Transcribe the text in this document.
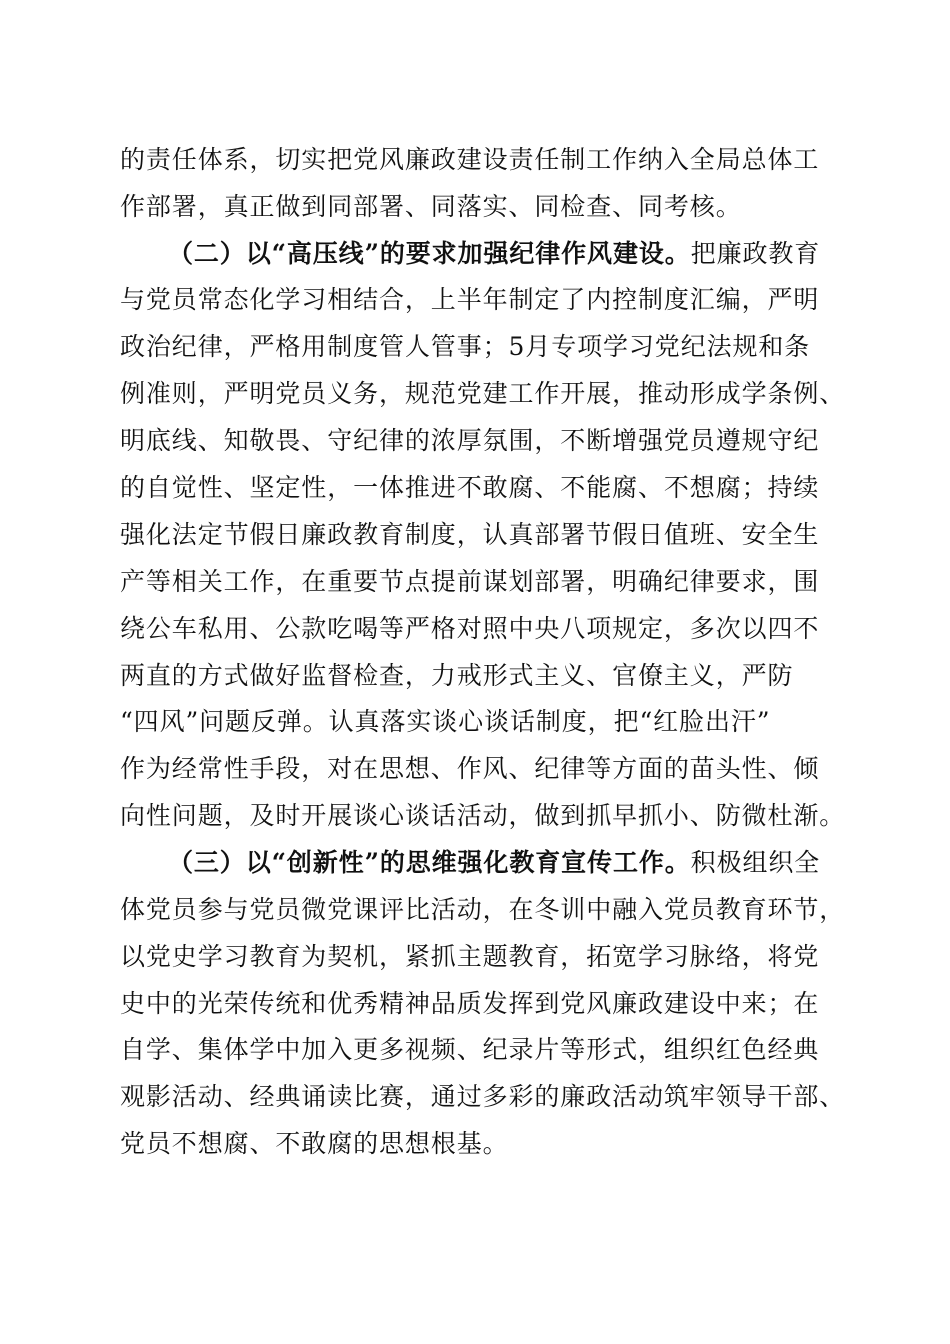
的责任体系，切实把党风廉政建设责任制工作纳入全局总体工
作部署，真正做到同部署、同落实、同检查、同考核。
（二）以“高压线”的要求加强纪律作风建设。把廉政教育
与党员常态化学习相结合，上半年制定了内控制度汇编，严明
政治纪律，严格用制度管人管事；5月专项学习党纪法规和条
例准则，严明党员义务，规范党建工作开展，推动形成学条例、
明底线、知敬畏、守纪律的浓厚氛围，不断增强党员遵规守纪
的自觉性、坚定性，一体推进不敢腐、不能腐、不想腐；持续
强化法定节假日廉政教育制度，认真部署节假日值班、安全生
产等相关工作，在重要节点提前谋划部署，明确纪律要求，围
绕公车私用、公款吃喝等严格对照中央八项规定，多次以四不
两直的方式做好监督检查，力戒形式主义、官僚主义，严防
“四风”问题反弹。认真落实谈心谈话制度，把“红脸出汗”
作为经常性手段，对在思想、作风、纪律等方面的苗头性、倾
向性问题，及时开展谈心谈话活动，做到抓早抓小、防微杜渐。
（三）以“创新性”的思维强化教育宣传工作。积极组织全
体党员参与党员微党课评比活动，在冬训中融入党员教育环节，
以党史学习教育为契机，紧抓主题教育，拓宽学习脉络，将党
史中的光荣传统和优秀精神品质发挥到党风廉政建设中来；在
自学、集体学中加入更多视频、纪录片等形式，组织红色经典
观影活动、经典诵读比赛，通过多彩的廉政活动筑牢领导干部、
党员不想腐、不敢腐的思想根基。
